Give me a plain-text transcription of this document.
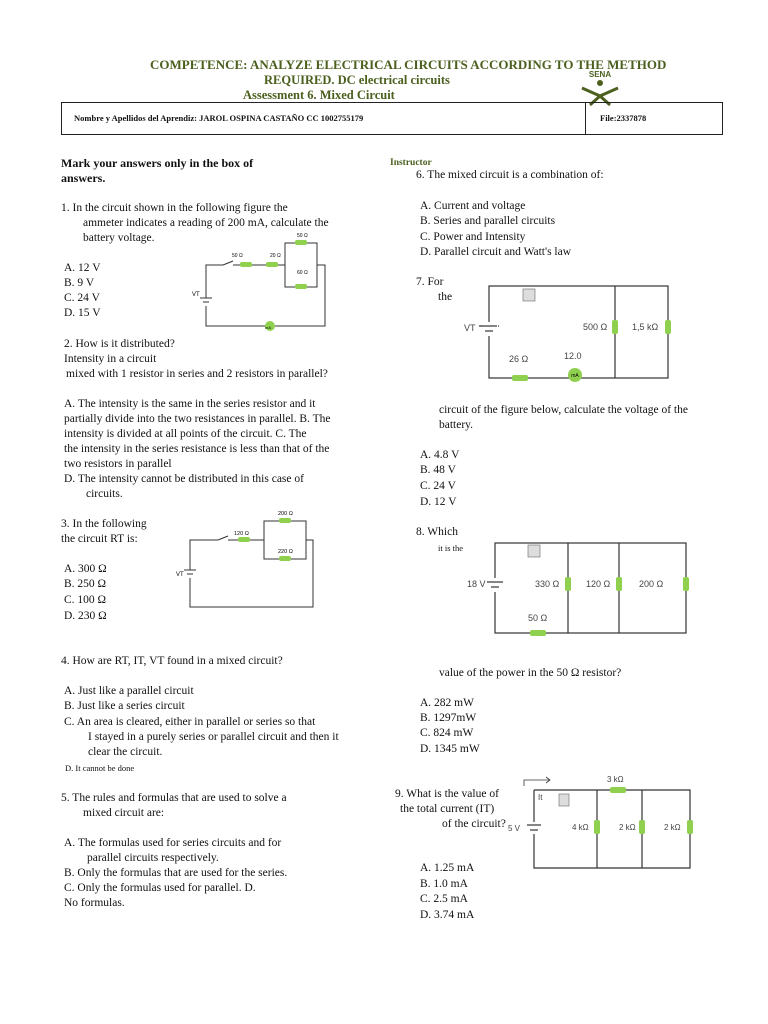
COMPETENCE: ANALYZE ELECTRICAL CIRCUITS ACCORDING TO THE METHOD
REQUIRED. DC electrical circuits
Assessment 6. Mixed Circuit
SENA
Nombre y Apellidos del Aprendiz: JAROL OSPINA CASTAÑO CC 1002755179	File:2337878
Instructor
Mark your answers only in the box of
answers.
1. In the circuit shown in the following figure the
ammeter indicates a reading of 200 mA, calculate the
battery voltage.
A. 12 V
B. 9 V
C. 24 V
D. 15 V
mA
50 Ω	20 Ω
50 Ω
60 Ω
VT
2. How is it distributed?
Intensity in a circuit
mixed with 1 resistor in series and 2 resistors in parallel?
A. The intensity is the same in the series resistor and it
partially divide into the two resistances in parallel. B. The
intensity is divided at all points of the circuit. C. The
the intensity in the series resistance is less than that of the
two resistors in parallel
D. The intensity cannot be distributed in this case of
circuits.
3. In the following
the circuit RT is:
A. 300 Ω
B. 250 Ω
C. 100 Ω
D. 230 Ω
120 Ω
200 Ω
220 Ω
VT
4. How are RT, IT, VT found in a mixed circuit?
A. Just like a parallel circuit
B. Just like a series circuit
C. An area is cleared, either in parallel or series so that
I stayed in a purely series or parallel circuit and then it
clear the circuit.
D. It cannot be done
5. The rules and formulas that are used to solve a
mixed circuit are:
A. The formulas used for series circuits and for
parallel circuits respectively.
B. Only the formulas that are used for the series.
C. Only the formulas used for parallel. D.
No formulas.
6. The mixed circuit is a combination of:
A. Current and voltage
B. Series and parallel circuits
C. Power and Intensity
D. Parallel circuit and Watt's law
7. For
the
mA
VT	500 Ω	1,5 kΩ
26 Ω	12.0
circuit of the figure below, calculate the voltage of the
battery.
A. 4.8 V
B. 48 V
C. 24 V
D. 12 V
8. Which
it is the
18 V	330 Ω	120 Ω	200 Ω
50 Ω
value of the power in the 50 Ω resistor?
A. 282 mW
B. 1297mW
C. 824 mW
D. 1345 mW
9. What is the value of
the total current (IT)
of the circuit? 5 V
It
3 kΩ
4 kΩ	2 kΩ	2 kΩ
A. 1.25 mA
B. 1.0 mA
C. 2.5 mA
D. 3.74 mA
